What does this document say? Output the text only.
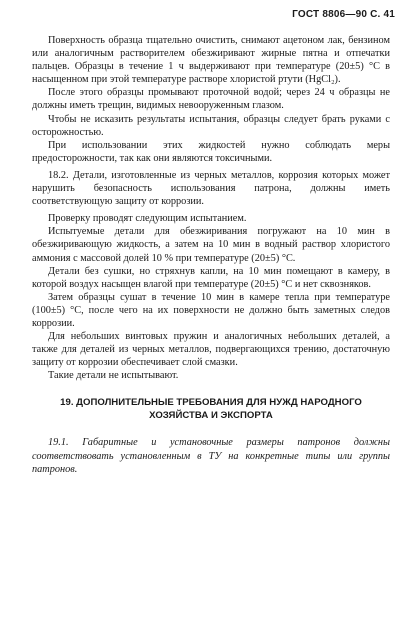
ГОСТ 8806—90 С. 41

Поверхность образца тщательно очистить, снимают ацетоном лак, бензином или аналогичным растворителем обезжиривают жирные пятна и отпечатки пальцев. Образцы в течение 1 ч выдерживают при температуре (20±5) °С в насыщенном при этой температуре растворе хлористой ртути (HgCl₂).

После этого образцы промывают проточной водой; через 24 ч образцы не должны иметь трещин, видимых невооруженным глазом.

Чтобы не исказить результаты испытания, образцы следует брать руками с осторожностью.

При использовании этих жидкостей нужно соблюдать меры предосторожности, так как они являются токсичными.

18.2. Детали, изготовленные из черных металлов, коррозия которых может нарушить безопасность использования патрона, должны иметь соответствующую защиту от коррозии.

Проверку проводят следующим испытанием.

Испытуемые детали для обезжиривания погружают на 10 мин в обезжиривающую жидкость, а затем на 10 мин в водный раствор хлористого аммония с массовой долей 10 % при температуре (20±5) °С.

Детали без сушки, но стряхнув капли, на 10 мин помещают в камеру, в которой воздух насыщен влагой при температуре (20±5) °С и нет сквозняков.

Затем образцы сушат в течение 10 мин в камере тепла при температуре (100±5) °С, после чего на их поверхности не должно быть заметных следов коррозии.

Для небольших винтовых пружин и аналогичных небольших деталей, а также для деталей из черных металлов, подвергающихся трению, достаточную защиту от коррозии обеспечивает слой смазки.

Такие детали не испытывают.

19. ДОПОЛНИТЕЛЬНЫЕ ТРЕБОВАНИЯ ДЛЯ НУЖД НАРОДНОГО ХОЗЯЙСТВА И ЭКСПОРТА

19.1. Габаритные и установочные размеры патронов должны соответствовать установленным в ТУ на конкретные типы или группы патронов.
